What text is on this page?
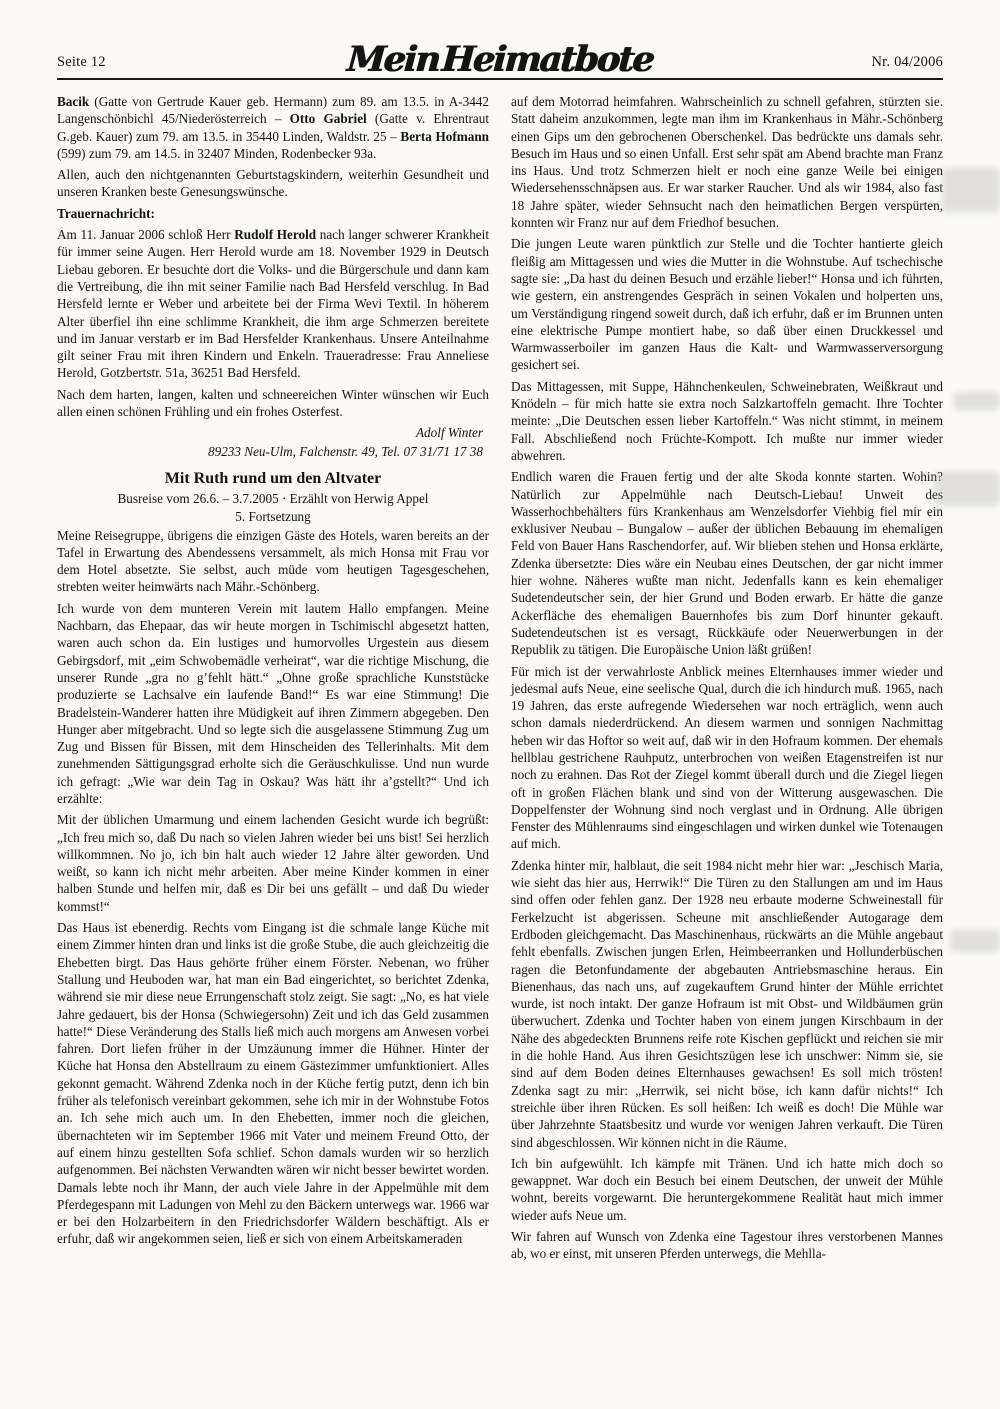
Seite 12	Mein Heimatbote	Nr. 04/2006

Bacik (Gatte von Gertrude Kauer geb. Hermann) zum 89. am 13.5. in A-3442 Langenschönbichl 45/Niederösterreich – Otto Gabriel (Gatte v. Ehrentraut G.geb. Kauer) zum 79. am 13.5. in 35440 Linden, Waldstr. 25 – Berta Hofmann (599) zum 79. am 14.5. in 32407 Minden, Rodenbecker 93a.

Allen, auch den nichtgenannten Geburtstagskindern, weiterhin Gesundheit und unseren Kranken beste Genesungswünsche.

Trauernachricht:

Am 11. Januar 2006 schloß Herr Rudolf Herold nach langer schwerer Krankheit für immer seine Augen. Herr Herold wurde am 18. November 1929 in Deutsch Liebau geboren. Er besuchte dort die Volks- und die Bürgerschule und dann kam die Vertreibung, die ihn mit seiner Familie nach Bad Hersfeld verschlug. In Bad Hersfeld lernte er Weber und arbeitete bei der Firma Wevi Textil. In höherem Alter überfiel ihn eine schlimme Krankheit, die ihm arge Schmerzen bereitete und im Januar verstarb er im Bad Hersfelder Krankenhaus. Unsere Anteilnahme gilt seiner Frau mit ihren Kindern und Enkeln. Traueradresse: Frau Anneliese Herold, Gotzbertstr. 51a, 36251 Bad Hersfeld.

Nach dem harten, langen, kalten und schneereichen Winter wünschen wir Euch allen einen schönen Frühling und ein frohes Osterfest.

Adolf Winter

89233 Neu-Ulm, Falchenstr. 49, Tel. 07 31/71 17 38

Mit Ruth rund um den Altvater

Busreise vom 26.6. – 3.7.2005 · Erzählt von Herwig Appel

5. Fortsetzung

Meine Reisegruppe, übrigens die einzigen Gäste des Hotels, waren bereits an der Tafel in Erwartung des Abendessens versammelt, als mich Honsa mit Frau vor dem Hotel absetzte. Sie selbst, auch müde vom heutigen Tagesgeschehen, strebten weiter heimwärts nach Mähr.-Schönberg.

Ich wurde von dem munteren Verein mit lautem Hallo empfangen. Meine Nachbarn, das Ehepaar, das wir heute morgen in Tschimischl abgesetzt hatten, waren auch schon da. Ein lustiges und humorvolles Urgestein aus diesem Gebirgsdorf, mit „eim Schwobemädle verheirat“, war die richtige Mischung, die unserer Runde „gra no g’fehlt hätt.“ „Ohne große sprachliche Kunststücke produzierte se Lachsalve ein laufende Band!“ Es war eine Stimmung! Die Bradelstein-Wanderer hatten ihre Müdigkeit auf ihren Zimmern abgegeben. Den Hunger aber mitgebracht. Und so legte sich die ausgelassene Stimmung Zug um Zug und Bissen für Bissen, mit dem Hinscheiden des Tellerinhalts. Mit dem zunehmenden Sättigungsgrad erholte sich die Geräuschkulisse. Und nun wurde ich gefragt: „Wie war dein Tag in Oskau? Was hätt ihr a’gstellt?“ Und ich erzählte:

Mit der üblichen Umarmung und einem lachenden Gesicht wurde ich begrüßt: „Ich freu mich so, daß Du nach so vielen Jahren wieder bei uns bist! Sei herzlich willkommnen. No jo, ich bin halt auch wieder 12 Jahre älter geworden. Und weißt, so kann ich nicht mehr arbeiten. Aber meine Kinder kommen in einer halben Stunde und helfen mir, daß es Dir bei uns gefällt – und daß Du wieder kommst!“

Das Haus ist ebenerdig. Rechts vom Eingang ist die schmale lange Küche mit einem Zimmer hinten dran und links ist die große Stube, die auch gleichzeitig die Ehebetten birgt. Das Haus gehörte früher einem Förster. Nebenan, wo früher Stallung und Heuboden war, hat man ein Bad eingerichtet, so berichtet Zdenka, während sie mir diese neue Errungenschaft stolz zeigt. Sie sagt: „No, es hat viele Jahre gedauert, bis der Honsa (Schwiegersohn) Zeit und ich das Geld zusammen hatte!“ Diese Veränderung des Stalls ließ mich auch morgens am Anwesen vorbei fahren. Dort liefen früher in der Umzäunung immer die Hühner. Hinter der Küche hat Honsa den Abstellraum zu einem Gästezimmer umfunktioniert. Alles gekonnt gemacht. Während Zdenka noch in der Küche fertig putzt, denn ich bin früher als telefonisch vereinbart gekommen, sehe ich mir in der Wohnstube Fotos an. Ich sehe mich auch um. In den Ehebetten, immer noch die gleichen, übernachteten wir im September 1966 mit Vater und meinem Freund Otto, der auf einem hinzu gestellten Sofa schlief. Schon damals wurden wir so herzlich aufgenommen. Bei nächsten Verwandten wären wir nicht besser bewirtet worden. Damals lebte noch ihr Mann, der auch viele Jahre in der Appelmühle mit dem Pferdegespann mit Ladungen von Mehl zu den Bäckern unterwegs war. 1966 war er bei den Holzarbeitern in den Friedrichsdorfer Wäldern beschäftigt. Als er erfuhr, daß wir angekommen seien, ließ er sich von einem Arbeitskameraden

auf dem Motorrad heimfahren. Wahrscheinlich zu schnell gefahren, stürzten sie. Statt daheim anzukommen, legte man ihm im Krankenhaus in Mähr.-Schönberg einen Gips um den gebrochenen Oberschenkel. Das bedrückte uns damals sehr. Besuch im Haus und so einen Unfall. Erst sehr spät am Abend brachte man Franz ins Haus. Und trotz Schmerzen hielt er noch eine ganze Weile bei einigen Wiedersehensschnäpsen aus. Er war starker Raucher. Und als wir 1984, also fast 18 Jahre später, wieder Sehnsucht nach den heimatlichen Bergen verspürten, konnten wir Franz nur auf dem Friedhof besuchen.

Die jungen Leute waren pünktlich zur Stelle und die Tochter hantierte gleich fleißig am Mittagessen und wies die Mutter in die Wohnstube. Auf tschechische sagte sie: „Da hast du deinen Besuch und erzähle lieber!“ Honsa und ich führten, wie gestern, ein anstrengendes Gespräch in seinen Vokalen und holperten uns, um Verständigung ringend soweit durch, daß ich erfuhr, daß er im Brunnen unten eine elektrische Pumpe montiert habe, so daß über einen Druckkessel und Warmwasserboiler im ganzen Haus die Kalt- und Warmwasserversorgung gesichert sei.

Das Mittagessen, mit Suppe, Hähnchenkeulen, Schweinebraten, Weißkraut und Knödeln – für mich hatte sie extra noch Salzkartoffeln gemacht. Ihre Tochter meinte: „Die Deutschen essen lieber Kartoffeln.“ Was nicht stimmt, in meinem Fall. Abschließend noch Früchte-Kompott. Ich mußte nur immer wieder abwehren.

Endlich waren die Frauen fertig und der alte Skoda konnte starten. Wohin? Natürlich zur Appelmühle nach Deutsch-Liebau! Unweit des Wasserhochbehälters fürs Krankenhaus am Wenzelsdorfer Viehbig fiel mir ein exklusiver Neubau – Bungalow – außer der üblichen Bebauung im ehemaligen Feld von Bauer Hans Raschendorfer, auf. Wir blieben stehen und Honsa erklärte, Zdenka übersetzte: Dies wäre ein Neubau eines Deutschen, der gar nicht immer hier wohne. Näheres wußte man nicht. Jedenfalls kann es kein ehemaliger Sudetendeutscher sein, der hier Grund und Boden erwarb. Er hätte die ganze Ackerfläche des ehemaligen Bauernhofes bis zum Dorf hinunter gekauft. Sudetendeutschen ist es versagt, Rückkäufe oder Neuerwerbungen in der Republik zu tätigen. Die Europäische Union läßt grüßen!

Für mich ist der verwahrloste Anblick meines Elternhauses immer wieder und jedesmal aufs Neue, eine seelische Qual, durch die ich hindurch muß. 1965, nach 19 Jahren, das erste aufregende Wiedersehen war noch erträglich, wenn auch schon damals niederdrückend. An diesem warmen und sonnigen Nachmittag heben wir das Hoftor so weit auf, daß wir in den Hofraum kommen. Der ehemals hellblau gestrichene Rauhputz, unterbrochen von weißen Etagenstreifen ist nur noch zu erahnen. Das Rot der Ziegel kommt überall durch und die Ziegel liegen oft in großen Flächen blank und sind von der Witterung ausgewaschen. Die Doppelfenster der Wohnung sind noch verglast und in Ordnung. Alle übrigen Fenster des Mühlenraums sind eingeschlagen und wirken dunkel wie Totenaugen auf mich.

Zdenka hinter mir, halblaut, die seit 1984 nicht mehr hier war: „Jeschisch Maria, wie sieht das hier aus, Herrwik!“ Die Türen zu den Stallungen am und im Haus sind offen oder fehlen ganz. Der 1928 neu erbaute moderne Schweinestall für Ferkelzucht ist abgerissen. Scheune mit anschließender Autogarage dem Erdboden gleichgemacht. Das Maschinenhaus, rückwärts an die Mühle angebaut fehlt ebenfalls. Zwischen jungen Erlen, Heimbeerranken und Hollunderbüschen ragen die Betonfundamente der abgebauten Antriebsmaschine heraus. Ein Bienenhaus, das nach uns, auf zugekauftem Grund hinter der Mühle errichtet wurde, ist noch intakt. Der ganze Hofraum ist mit Obst- und Wildbäumen grün überwuchert. Zdenka und Tochter haben von einem jungen Kirschbaum in der Nähe des abgedeckten Brunnens reife rote Kischen gepflückt und reichen sie mir in die hohle Hand. Aus ihren Gesichtszügen lese ich unschwer: Nimm sie, sie sind auf dem Boden deines Elternhauses gewachsen! Es soll mich trösten! Zdenka sagt zu mir: „Herrwik, sei nicht böse, ich kann dafür nichts!“ Ich streichle über ihren Rücken. Es soll heißen: Ich weiß es doch! Die Mühle war über Jahrzehnte Staatsbesitz und wurde vor wenigen Jahren verkauft. Die Türen sind abgeschlossen. Wir können nicht in die Räume.

Ich bin aufgewühlt. Ich kämpfe mit Tränen. Und ich hatte mich doch so gewappnet. War doch ein Besuch bei einem Deutschen, der unweit der Mühle wohnt, bereits vorgewarnt. Die heruntergekommene Realität haut mich immer wieder aufs Neue um.

Wir fahren auf Wunsch von Zdenka eine Tagestour ihres verstorbenen Mannes ab, wo er einst, mit unseren Pferden unterwegs, die Mehlla-
